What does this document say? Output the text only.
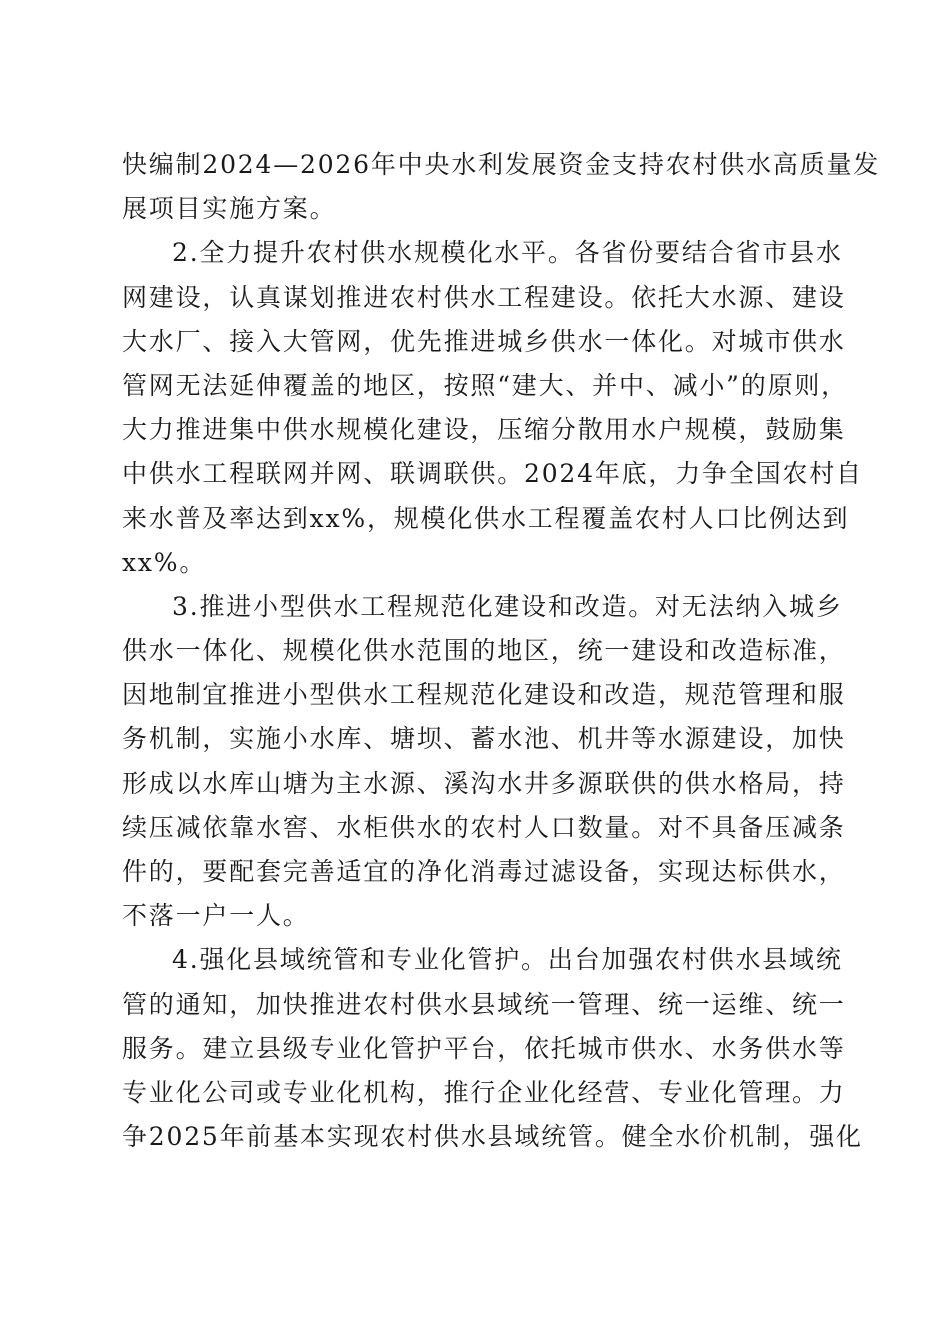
快编制2024—2026年中央水利发展资金支持农村供水高质量发
展项目实施方案。
2.全力提升农村供水规模化水平。各省份要结合省市县水
网建设，认真谋划推进农村供水工程建设。依托大水源、建设
大水厂、接入大管网，优先推进城乡供水一体化。对城市供水
管网无法延伸覆盖的地区，按照“建大、并中、减小”的原则，
大力推进集中供水规模化建设，压缩分散用水户规模，鼓励集
中供水工程联网并网、联调联供。2024年底，力争全国农村自
来水普及率达到xx%，规模化供水工程覆盖农村人口比例达到
xx%。
3.推进小型供水工程规范化建设和改造。对无法纳入城乡
供水一体化、规模化供水范围的地区，统一建设和改造标准，
因地制宜推进小型供水工程规范化建设和改造，规范管理和服
务机制，实施小水库、塘坝、蓄水池、机井等水源建设，加快
形成以水库山塘为主水源、溪沟水井多源联供的供水格局，持
续压减依靠水窖、水柜供水的农村人口数量。对不具备压减条
件的，要配套完善适宜的净化消毒过滤设备，实现达标供水，
不落一户一人。
4.强化县域统管和专业化管护。出台加强农村供水县域统
管的通知，加快推进农村供水县域统一管理、统一运维、统一
服务。建立县级专业化管护平台，依托城市供水、水务供水等
专业化公司或专业化机构，推行企业化经营、专业化管理。力
争2025年前基本实现农村供水县域统管。健全水价机制，强化
